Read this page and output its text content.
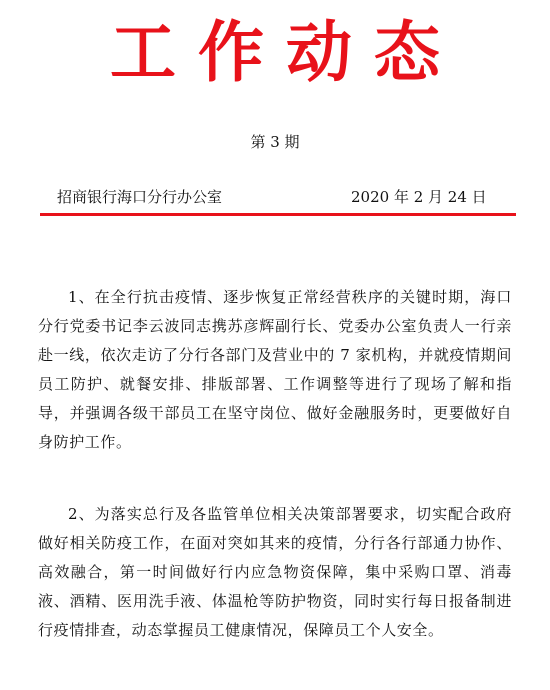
工作动态
第 3 期
招商银行海口分行办公室	2020 年 2 月 24 日

1、在全行抗击疫情、逐步恢复正常经营秩序的关键时期，海口分行党委书记李云波同志携苏彦辉副行长、党委办公室负责人一行亲赴一线，依次走访了分行各部门及营业中的 7 家机构，并就疫情期间员工防护、就餐安排、排版部署、工作调整等进行了现场了解和指导，并强调各级干部员工在坚守岗位、做好金融服务时，更要做好自身防护工作。

2、为落实总行及各监管单位相关决策部署要求，切实配合政府做好相关防疫工作，在面对突如其来的疫情，分行各行部通力协作、高效融合，第一时间做好行内应急物资保障，集中采购口罩、消毒液、酒精、医用洗手液、体温枪等防护物资，同时实行每日报备制进行疫情排查，动态掌握员工健康情况，保障员工个人安全。
